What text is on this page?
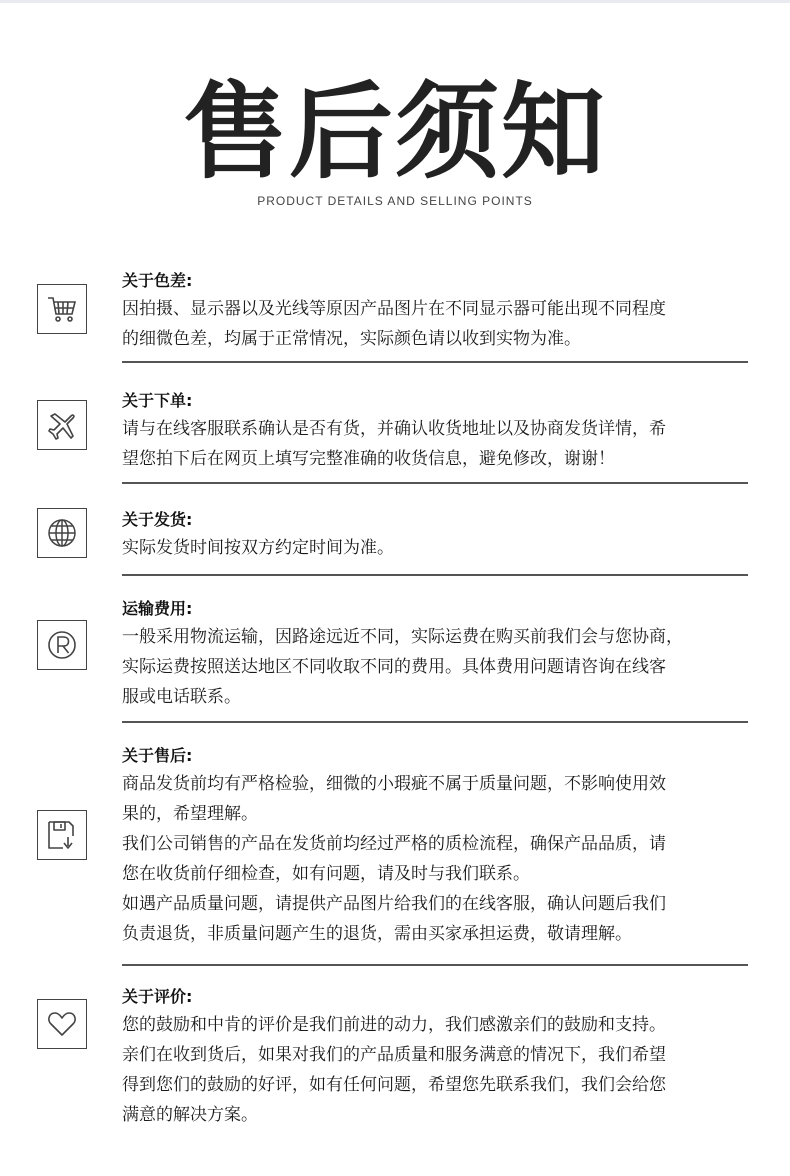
售后须知
PRODUCT DETAILS AND SELLING POINTS
关于色差:

因拍摄、显示器以及光线等原因产品图片在不同显示器可能出现不同程度

的细微色差，均属于正常情况，实际颜色请以收到实物为准。

关于下单:

请与在线客服联系确认是否有货，并确认收货地址以及协商发货详情，希

望您拍下后在网页上填写完整准确的收货信息，避免修改，谢谢！

关于发货:

实际发货时间按双方约定时间为准。

运输费用:

一般采用物流运输，因路途远近不同，实际运费在购买前我们会与您协商，

实际运费按照送达地区不同收取不同的费用。具体费用问题请咨询在线客

服或电话联系。

关于售后:

商品发货前均有严格检验，细微的小瑕疵不属于质量问题，不影响使用效

果的，希望理解。

我们公司销售的产品在发货前均经过严格的质检流程，确保产品品质，请

您在收货前仔细检查，如有问题，请及时与我们联系。

如遇产品质量问题，请提供产品图片给我们的在线客服，确认问题后我们

负责退货，非质量问题产生的退货，需由买家承担运费，敬请理解。

关于评价:

您的鼓励和中肯的评价是我们前进的动力，我们感激亲们的鼓励和支持。

亲们在收到货后，如果对我们的产品质量和服务满意的情况下，我们希望

得到您们的鼓励的好评，如有任何问题，希望您先联系我们，我们会给您

满意的解决方案。
